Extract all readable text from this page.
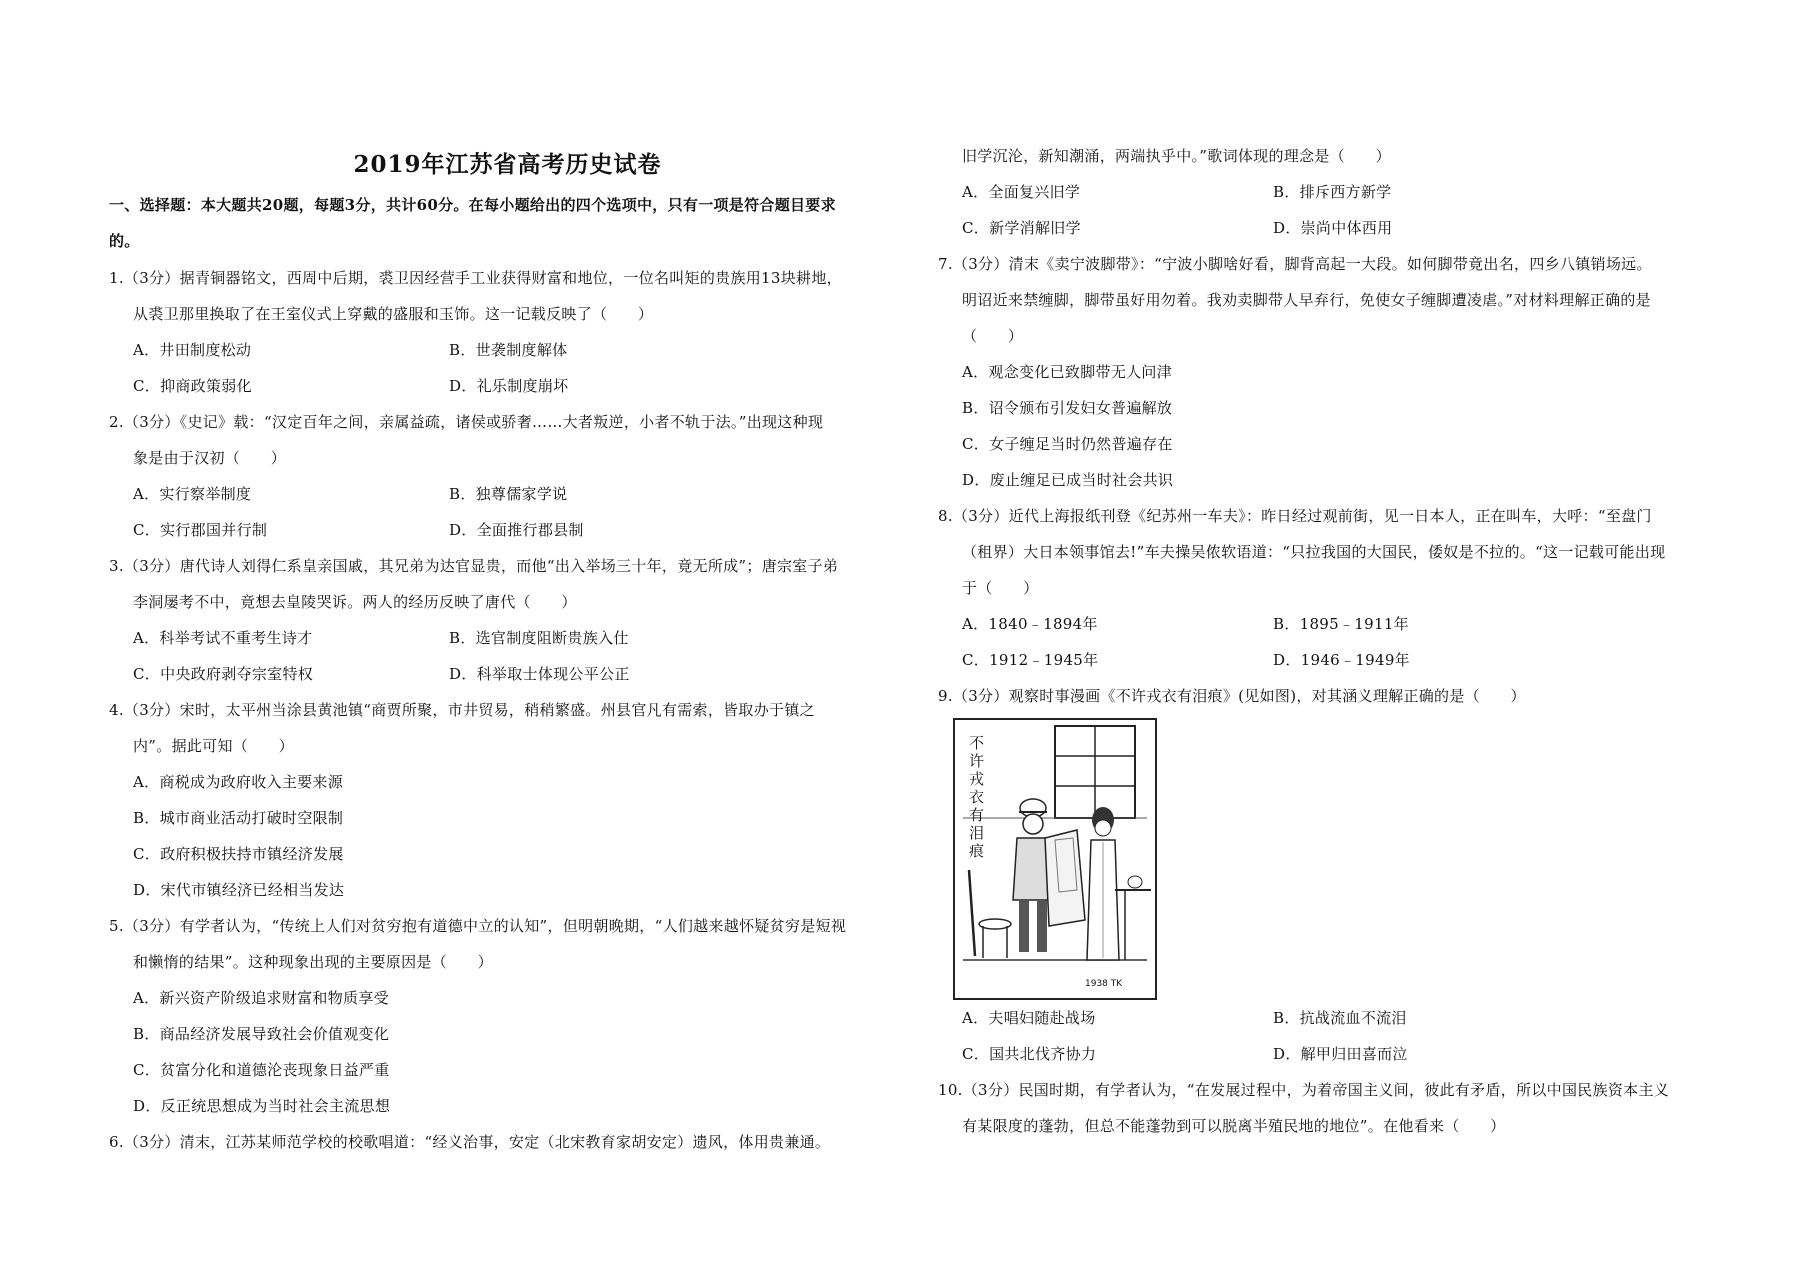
2019年江苏省高考历史试卷
一、选择题：本大题共20题，每题3分，共计60分。在每小题给出的四个选项中，只有一项是符合题目要求
的。
1.（3分）据青铜器铭文，西周中后期，裘卫因经营手工业获得财富和地位，一位名叫矩的贵族用13块耕地，
从裘卫那里换取了在王室仪式上穿戴的盛服和玉饰。这一记载反映了（　　）
A．井田制度松动	B．世袭制度解体
C．抑商政策弱化	D．礼乐制度崩坏
2.（3分）《史记》载：“汉定百年之间，亲属益疏，诸侯或骄奢……大者叛逆，小者不轨于法。”出现这种现
象是由于汉初（　　）
A．实行察举制度	B．独尊儒家学说
C．实行郡国并行制	D．全面推行郡县制
3.（3分）唐代诗人刘得仁系皇亲国戚，其兄弟为达官显贵，而他“出入举场三十年，竟无所成”；唐宗室子弟
李洞屡考不中，竟想去皇陵哭诉。两人的经历反映了唐代（　　）
A．科举考试不重考生诗才	B．选官制度阻断贵族入仕
C．中央政府剥夺宗室特权	D．科举取士体现公平公正
4.（3分）宋时，太平州当涂县黄池镇“商贾所聚，市井贸易，稍稍繁盛。州县官凡有需索，皆取办于镇之
内”。据此可知（　　）
A．商税成为政府收入主要来源
B．城市商业活动打破时空限制
C．政府积极扶持市镇经济发展
D．宋代市镇经济已经相当发达
5.（3分）有学者认为，“传统上人们对贫穷抱有道德中立的认知”，但明朝晚期，“人们越来越怀疑贫穷是短视
和懒惰的结果”。这种现象出现的主要原因是（　　）
A．新兴资产阶级追求财富和物质享受
B．商品经济发展导致社会价值观变化
C．贫富分化和道德沦丧现象日益严重
D．反正统思想成为当时社会主流思想
6.（3分）清末，江苏某师范学校的校歌唱道：“经义治事，安定（北宋教育家胡安定）遗风，体用贵兼通。
旧学沉沦，新知潮涌，两端执乎中。”歌词体现的理念是（　　）
A．全面复兴旧学	B．排斥西方新学
C．新学消解旧学	D．崇尚中体西用
7.（3分）清末《卖宁波脚带》：“宁波小脚啥好看，脚背高起一大段。如何脚带竟出名，四乡八镇销场远。
明诏近来禁缠脚，脚带虽好用勿着。我劝卖脚带人早弃行，免使女子缠脚遭凌虐。”对材料理解正确的是
（　　）
A．观念变化已致脚带无人问津
B．诏令颁布引发妇女普遍解放
C．女子缠足当时仍然普遍存在
D．废止缠足已成当时社会共识
8.（3分）近代上海报纸刊登《纪苏州一车夫》：昨日经过观前街，见一日本人，正在叫车，大呼：“至盘门
（租界）大日本领事馆去!”车夫操吴侬软语道：“只拉我国的大国民，倭奴是不拉的。“这一记载可能出现
于（　　）
A．1840﹣1894年	B．1895﹣1911年
C．1912﹣1945年	D．1946﹣1949年
9.（3分）观察时事漫画《不许戎衣有泪痕》(见如图)，对其涵义理解正确的是（　　）
不
许
戎
衣
有
泪
痕
1938 TK
A．夫唱妇随赴战场	B．抗战流血不流泪
C．国共北伐齐协力	D．解甲归田喜而泣
10.（3分）民国时期，有学者认为，“在发展过程中，为着帝国主义间，彼此有矛盾，所以中国民族资本主义
有某限度的蓬勃，但总不能蓬勃到可以脱离半殖民地的地位”。在他看来（　　）
